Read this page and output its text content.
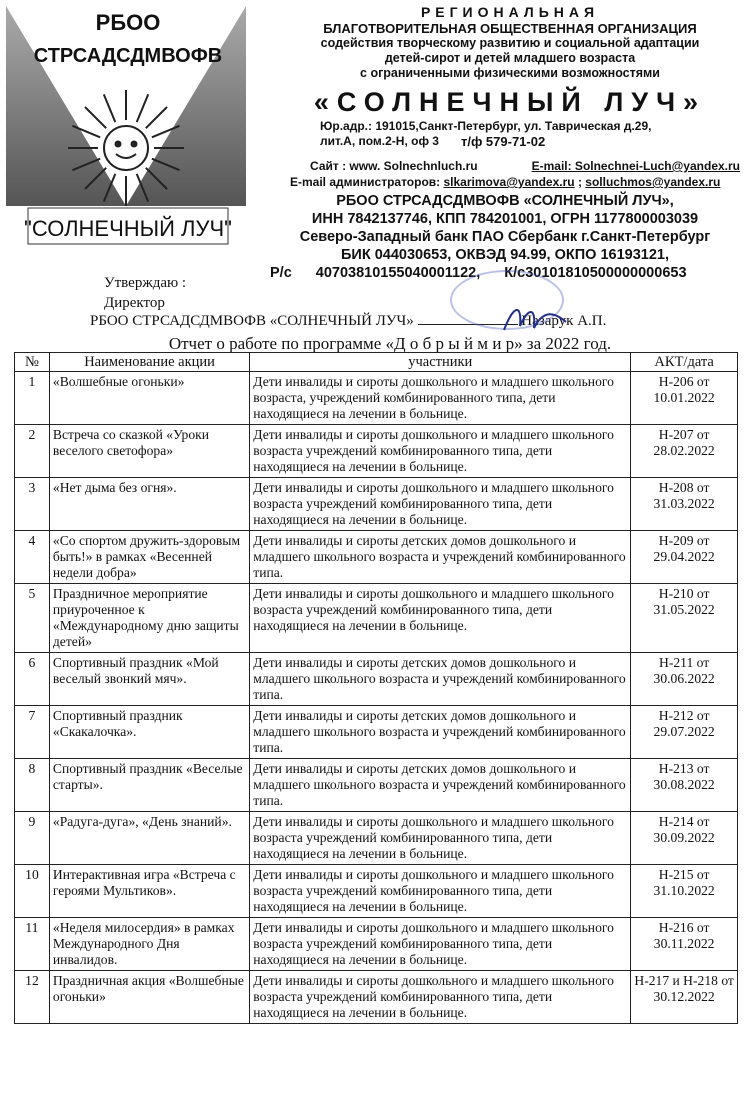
РБОО
СТРСАДСДМВОФВ
"СОЛНЕЧНЫЙ ЛУЧ"
РЕГИОНАЛЬНАЯ
БЛАГОТВОРИТЕЛЬНАЯ ОБЩЕСТВЕННАЯ ОРГАНИЗАЦИЯ
содействия творческому развитию и социальной адаптации
детей-сирот и детей младшего возраста
с ограниченными физическими возможностями
«СОЛНЕЧНЫЙ ЛУЧ»
Юр.адр.: 191015,Санкт-Петербург, ул. Таврическая д.29,
лит.А, пом.2-Н, оф 3 т/ф 579-71-02
Сайт : www. Solnechnluch.ru	E-mail: Solnechnei-Luch@yandex.ru
E-mail администраторов: slkarimova@yandex.ru ; solluchmos@yandex.ru
РБОО СТРСАДСДМВОФВ «СОЛНЕЧНЫЙ ЛУЧ»,
ИНН 7842137746, КПП 784201001, ОГРН 1177800003039
Северо-Западный банк ПАО Сбербанк г.Санкт-Петербург
БИК 044030653, ОКВЭД 94.99, ОКПО 16193121,
Р/с 40703810155040001122, К/с30101810500000000653
Утверждаю :
Директор
РБОО СТРСАДСДМВОФВ «СОЛНЕЧНЫЙ ЛУЧ»	Назарук А.П.
Отчет о работе по программе «Д о б р ы й м и р» за 2022 год.
№	Наименование акции	участники	АКТ/дата
1	«Волшебные огоньки»	Дети инвалиды и сироты дошкольного и младшего школьного возраста, учреждений комбинированного типа, дети находящиеся на лечении в больнице.	Н-206 от 10.01.2022
2	Встреча со сказкой «Уроки веселого светофора»	Дети инвалиды и сироты дошкольного и младшего школьного возраста учреждений комбинированного типа, дети находящиеся на лечении в больнице.	Н-207 от 28.02.2022
3	«Нет дыма без огня».	Дети инвалиды и сироты дошкольного и младшего школьного возраста учреждений комбинированного типа, дети находящиеся на лечении в больнице.	Н-208 от 31.03.2022
4	«Со спортом дружить-здоровым быть!» в рамках «Весенней недели добра»	Дети инвалиды и сироты детских домов дошкольного и младшего школьного возраста и учреждений комбинированного типа.	Н-209 от 29.04.2022
5	Праздничное мероприятие приуроченное к «Международному дню защиты детей»	Дети инвалиды и сироты дошкольного и младшего школьного возраста учреждений комбинированного типа, дети находящиеся на лечении в больнице.	Н-210 от 31.05.2022
6	Спортивный праздник «Мой веселый звонкий мяч».	Дети инвалиды и сироты детских домов дошкольного и младшего школьного возраста и учреждений комбинированного типа.	Н-211 от 30.06.2022
7	Спортивный праздник «Скакалочка».	Дети инвалиды и сироты детских домов дошкольного и младшего школьного возраста и учреждений комбинированного типа.	Н-212 от 29.07.2022
8	Спортивный праздник «Веселые старты».	Дети инвалиды и сироты детских домов дошкольного и младшего школьного возраста и учреждений комбинированного типа.	Н-213 от 30.08.2022
9	«Радуга-дуга», «День знаний».	Дети инвалиды и сироты дошкольного и младшего школьного возраста учреждений комбинированного типа, дети находящиеся на лечении в больнице.	Н-214 от 30.09.2022
10	Интерактивная игра «Встреча с героями Мультиков».	Дети инвалиды и сироты дошкольного и младшего школьного возраста учреждений комбинированного типа, дети находящиеся на лечении в больнице.	Н-215 от 31.10.2022
11	«Неделя милосердия» в рамках Международного Дня инвалидов.	Дети инвалиды и сироты дошкольного и младшего школьного возраста учреждений комбинированного типа, дети находящиеся на лечении в больнице.	Н-216 от 30.11.2022
12	Праздничная акция «Волшебные огоньки»	Дети инвалиды и сироты дошкольного и младшего школьного возраста учреждений комбинированного типа, дети находящиеся на лечении в больнице.	Н-217 и Н-218 от 30.12.2022
